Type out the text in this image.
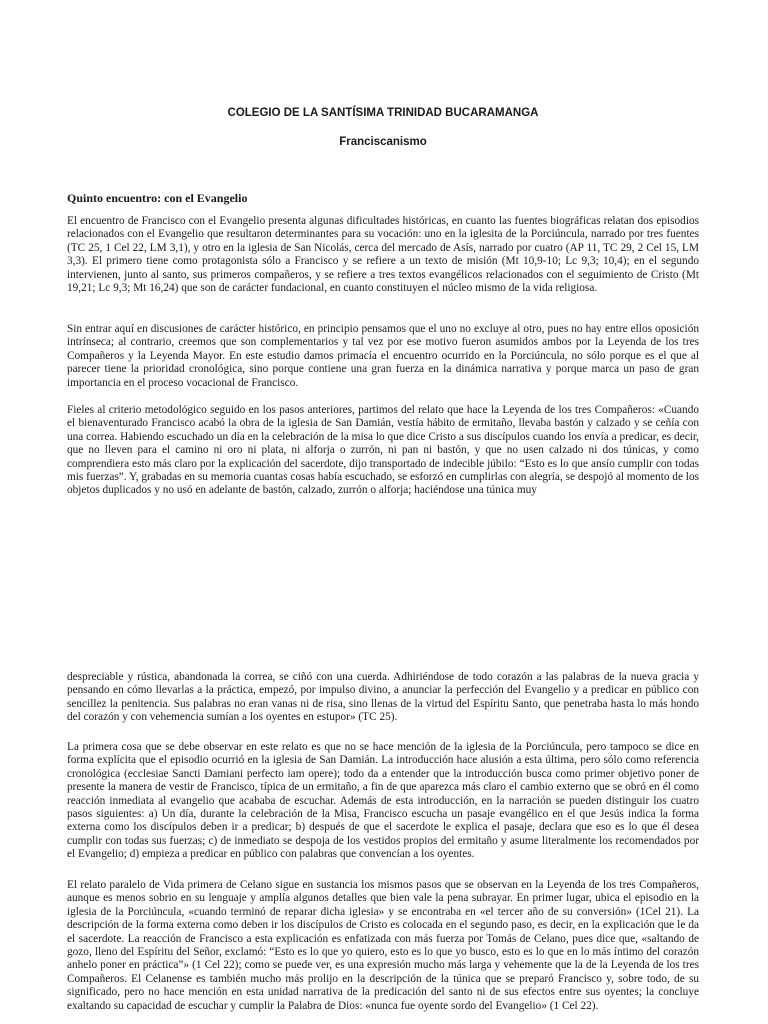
COLEGIO DE LA SANTÍSIMA TRINIDAD BUCARAMANGA
Franciscanismo
Quinto encuentro: con el Evangelio

El encuentro de Francisco con el Evangelio presenta algunas dificultades históricas, en cuanto las fuentes biográficas relatan dos episodios relacionados con el Evangelio que resultaron determinantes para su vocación: uno en la iglesita de la Porciúncula, narrado por tres fuentes (TC 25, 1 Cel 22, LM 3,1), y otro en la iglesia de San Nicolás, cerca del mercado de Asís, narrado por cuatro (AP 11, TC 29, 2 Cel 15, LM 3,3). El primero tiene como protagonista sólo a Francisco y se refiere a un texto de misión (Mt 10,9-10; Lc 9,3; 10,4); en el segundo intervienen, junto al santo, sus primeros compañeros, y se refiere a tres textos evangélicos relacionados con el seguimiento de Cristo (Mt 19,21; Lc 9,3; Mt 16,24) que son de carácter fundacional, en cuanto constituyen el núcleo mismo de la vida religiosa.

Sin entrar aquí en discusiones de carácter histórico, en principio pensamos que el uno no excluye al otro, pues no hay entre ellos oposición intrínseca; al contrario, creemos que son complementarios y tal vez por ese motivo fueron asumidos ambos por la Leyenda de los tres Compañeros y la Leyenda Mayor. En este estudio damos primacía el encuentro ocurrido en la Porciúncula, no sólo porque es el que al parecer tiene la prioridad cronológica, sino porque contiene una gran fuerza en la dinámica narrativa y porque marca un paso de gran importancia en el proceso vocacional de Francisco.

Fieles al criterio metodológico seguido en los pasos anteriores, partimos del relato que hace la Leyenda de los tres Compañeros: «Cuando el bienaventurado Francisco acabó la obra de la iglesia de San Damián, vestía hábito de ermitaño, llevaba bastón y calzado y se ceñía con una correa. Habiendo escuchado un día en la celebración de la misa lo que dice Cristo a sus discípulos cuando los envía a predicar, es decir, que no lleven para el camino ni oro ni plata, ni alforja o zurrón, ni pan ni bastón, y que no usen calzado ni dos túnicas, y como comprendiera esto más claro por la explicación del sacerdote, dijo transportado de indecible júbilo: “Esto es lo que ansío cumplir con todas mis fuerzas”. Y, grabadas en su memoria cuantas cosas había escuchado, se esforzó en cumplirlas con alegría, se despojó al momento de los objetos duplicados y no usó en adelante de bastón, calzado, zurrón o alforja; haciéndose una túnica muy

despreciable y rústica, abandonada la correa, se ciñó con una cuerda. Adhiriéndose de todo corazón a las palabras de la nueva gracia y pensando en cómo llevarlas a la práctica, empezó, por impulso divino, a anunciar la perfección del Evangelio y a predicar en público con sencillez la penitencia. Sus palabras no eran vanas ni de risa, sino llenas de la virtud del Espíritu Santo, que penetraba hasta lo más hondo del corazón y con vehemencia sumían a los oyentes en estupor» (TC 25).

La primera cosa que se debe observar en este relato es que no se hace mención de la iglesia de la Porciúncula, pero tampoco se dice en forma explícita que el episodio ocurrió en la iglesia de San Damián. La introducción hace alusión a esta última, pero sólo como referencia cronológica (ecclesiae Sancti Damiani perfecto iam opere); todo da a entender que la introducción busca como primer objetivo poner de presente la manera de vestir de Francisco, típica de un ermitaño, a fin de que aparezca más claro el cambio externo que se obró en él como reacción inmediata al evangelio que acababa de escuchar. Además de esta introducción, en la narración se pueden distinguir los cuatro pasos siguientes: a) Un día, durante la celebración de la Misa, Francisco escucha un pasaje evangélico en el que Jesús indica la forma externa como los discípulos deben ir a predicar; b) después de que el sacerdote le explica el pasaje, declara que eso es lo que él desea cumplir con todas sus fuerzas; c) de inmediato se despoja de los vestidos propios del ermitaño y asume literalmente los recomendados por el Evangelio; d) empieza a predicar en público con palabras que convencían a los oyentes.

El relato paralelo de Vida primera de Celano sigue en sustancia los mismos pasos que se observan en la Leyenda de los tres Compañeros, aunque es menos sobrio en su lenguaje y amplía algunos detalles que bien vale la pena subrayar. En primer lugar, ubica el episodio en la iglesia de la Porciúncula, «cuando terminó de reparar dicha iglesia» y se encontraba en «el tercer año de su conversión» (1Cel 21). La descripción de la forma externa como deben ir los discípulos de Cristo es colocada en el segundo paso, es decir, en la explicación que le da el sacerdote. La reacción de Francisco a esta explicación es enfatizada con más fuerza por Tomás de Celano, pues dice que, «saltando de gozo, lleno del Espíritu del Señor, exclamó: “Esto es lo que yo quiero, esto es lo que yo busco, esto es lo que en lo más íntimo del corazón anhelo poner en práctica”» (1 Cel 22); como se puede ver, es una expresión mucho más larga y vehemente que la de la Leyenda de los tres Compañeros. El Celanense es también mucho más prolijo en la descripción de la túnica que se preparó Francisco y, sobre todo, de su significado, pero no hace mención en esta unidad narrativa de la predicación del santo ni de sus efectos entre sus oyentes; la concluye exaltando su capacidad de escuchar y cumplir la Palabra de Dios: «nunca fue oyente sordo del Evangelio» (1 Cel 22).
